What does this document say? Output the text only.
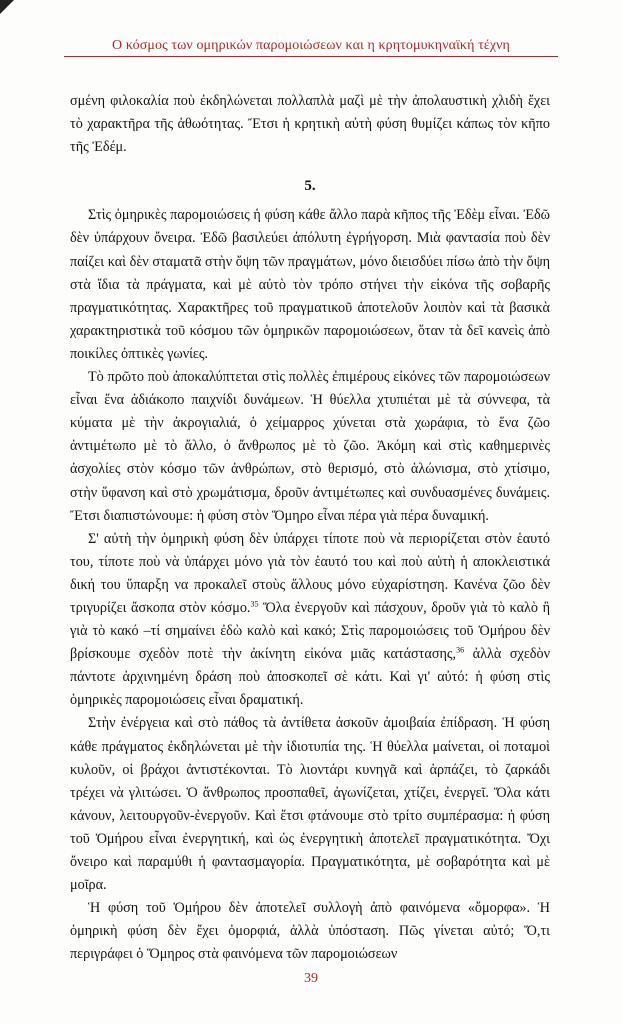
Ο κόσμος των ομηρικών παρομοιώσεων και η κρητομυκηναϊκή τέχνη

σμένη φιλοκαλία ποὺ ἐκδηλώνεται πολλαπλὰ μαζὶ μὲ τὴν ἀπολαυστικὴ χλιδὴ ἔχει τὸ χαρακτῆρα τῆς ἀθωότητας. Ἔτσι ἡ κρητικὴ αὐτὴ φύση θυμίζει κάπως τὸν κῆπο τῆς Ἐδέμ.

5.

Στὶς ὁμηρικὲς παρομοιώσεις ἡ φύση κάθε ἄλλο παρὰ κῆπος τῆς Ἐδὲμ εἶναι. Ἐδῶ δὲν ὑπάρχουν ὄνειρα. Ἐδῶ βασιλεύει ἀπόλυτη ἐγρήγορση. Μιὰ φαντασία ποὺ δὲν παίζει καὶ δὲν σταματᾶ στὴν ὄψη τῶν πραγμάτων, μόνο διεισδύει πίσω ἀπὸ τὴν ὄψη στὰ ἴδια τὰ πράγματα, καὶ μὲ αὐτὸ τὸν τρόπο στήνει τὴν εἰκόνα τῆς σοβαρῆς πραγματικότητας. Χαρακτῆρες τοῦ πραγματικοῦ ἀποτελοῦν λοιπὸν καὶ τὰ βασικὰ χαρακτηριστικὰ τοῦ κόσμου τῶν ὁμηρικῶν παρομοιώσεων, ὅταν τὰ δεῖ κανεὶς ἀπὸ ποικίλες ὀπτικὲς γωνίες.

Τὸ πρῶτο ποὺ ἀποκαλύπτεται στὶς πολλὲς ἐπιμέρους εἰκόνες τῶν παρομοιώσεων εἶναι ἕνα ἀδιάκοπο παιχνίδι δυνάμεων. Ἡ θύελλα χτυπιέται μὲ τὰ σύννεφα, τὰ κύματα μὲ τὴν ἀκρογιαλιά, ὁ χείμαρρος χύνεται στὰ χωράφια, τὸ ἕνα ζῶο ἀντιμέτωπο μὲ τὸ ἄλλο, ὁ ἄνθρωπος μὲ τὸ ζῶο. Ἀκόμη καὶ στὶς καθημερινὲς ἀσχολίες στὸν κόσμο τῶν ἀνθρώπων, στὸ θερισμό, στὸ ἁλώνισμα, στὸ χτίσιμο, στὴν ὕφανση καὶ στὸ χρωμάτισμα, δροῦν ἀντιμέτωπες καὶ συνδυασμένες δυνάμεις. Ἔτσι διαπιστώνουμε: ἡ φύση στὸν Ὅμηρο εἶναι πέρα γιὰ πέρα δυναμική.

Σ' αὐτὴ τὴν ὁμηρικὴ φύση δὲν ὑπάρχει τίποτε ποὺ νὰ περιορίζεται στὸν ἑαυτό του, τίποτε ποὺ νὰ ὑπάρχει μόνο γιὰ τὸν ἑαυτό του καὶ ποὺ αὐτὴ ἡ αποκλειστικά δική του ὕπαρξη να προκαλεῖ στοὺς ἄλλους μόνο εὐχαρίστηση. Κανένα ζῶο δὲν τριγυρίζει ἄσκοπα στὸν κόσμο.$^{35}$ Ὅλα ἐνεργοῦν καὶ πάσχουν, δροῦν γιὰ τὸ καλὸ ἢ γιὰ τὸ κακό –τί σημαίνει ἐδὼ καλὸ καὶ κακό; Στὶς παρομοιώσεις τοῦ Ὁμήρου δὲν βρίσκουμε σχεδὸν ποτὲ τὴν ἀκίνητη εἰκόνα μιᾶς κατάστασης,$^{36}$ ἀλλὰ σχεδὸν πάντοτε ἀρχινημένη δράση ποὺ ἀποσκοπεῖ σὲ κάτι. Καὶ γι' αὐτό: ἡ φύση στὶς ὁμηρικὲς παρομοιώσεις εἶναι δραματική.

Στὴν ἐνέργεια καὶ στὸ πάθος τὰ ἀντίθετα ἀσκοῦν ἀμοιβαία ἐπίδραση. Ἡ φύση κάθε πράγματος ἐκδηλώνεται μὲ τὴν ἰδιοτυπία της. Ἡ θύελλα μαίνεται, οἱ ποταμοὶ κυλοῦν, οἱ βράχοι ἀντιστέκονται. Τὸ λιοντάρι κυνηγᾶ καὶ ἁρπάζει, τὸ ζαρκάδι τρέχει νὰ γλιτώσει. Ὁ ἄνθρωπος προσπαθεῖ, ἀγωνίζεται, χτίζει, ἐνεργεῖ. Ὅλα κάτι κάνουν, λειτουργοῦν-ἐνεργοῦν. Καὶ ἔτσι φτάνουμε στὸ τρίτο συμπέρασμα: ἡ φύση τοῦ Ὁμήρου εἶναι ἐνεργητική, καὶ ὡς ἐνεργητικὴ ἀποτελεῖ πραγματικότητα. Ὄχι ὄνειρο καὶ παραμύθι ἡ φαντασμαγορία. Πραγματικότητα, μὲ σοβαρότητα καὶ μὲ μοῖρα.

Ἡ φύση τοῦ Ὁμήρου δὲν ἀποτελεῖ συλλογὴ ἀπὸ φαινόμενα «ὄμορφα». Ἡ ὁμηρικὴ φύση δὲν ἔχει ὀμορφιά, ἀλλὰ ὑπόσταση. Πῶς γίνεται αὐτό; Ὅ,τι περιγράφει ὁ Ὅμηρος στὰ φαινόμενα τῶν παρομοιώσεων

39
